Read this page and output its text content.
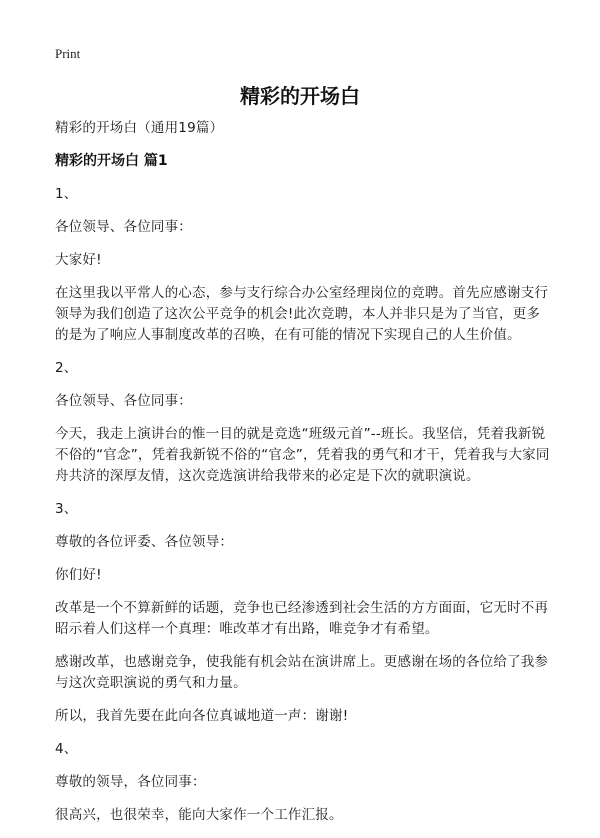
Print
精彩的开场白

精彩的开场白（通用19篇）

精彩的开场白 篇1

1、

各位领导、各位同事：

大家好!

在这里我以平常人的心态，参与支行综合办公室经理岗位的竞聘。首先应感谢支行领导为我们创造了这次公平竞争的机会!此次竞聘，本人并非只是为了当官，更多的是为了响应人事制度改革的召唤，在有可能的情况下实现自己的人生价值。

2、

各位领导、各位同事：

今天，我走上演讲台的惟一目的就是竞选“班级元首”--班长。我坚信，凭着我新锐不俗的“官念”，凭着我新锐不俗的“官念”，凭着我的勇气和才干，凭着我与大家同舟共济的深厚友情，这次竞选演讲给我带来的必定是下次的就职演说。

3、

尊敬的各位评委、各位领导：

你们好!

改革是一个不算新鲜的话题，竞争也已经渗透到社会生活的方方面面，它无时不再昭示着人们这样一个真理：唯改革才有出路，唯竞争才有希望。

感谢改革，也感谢竞争，使我能有机会站在演讲席上。更感谢在场的各位给了我参与这次竞职演说的勇气和力量。

所以，我首先要在此向各位真诚地道一声：谢谢!

4、

尊敬的领导，各位同事：

很高兴，也很荣幸，能向大家作一个工作汇报。
